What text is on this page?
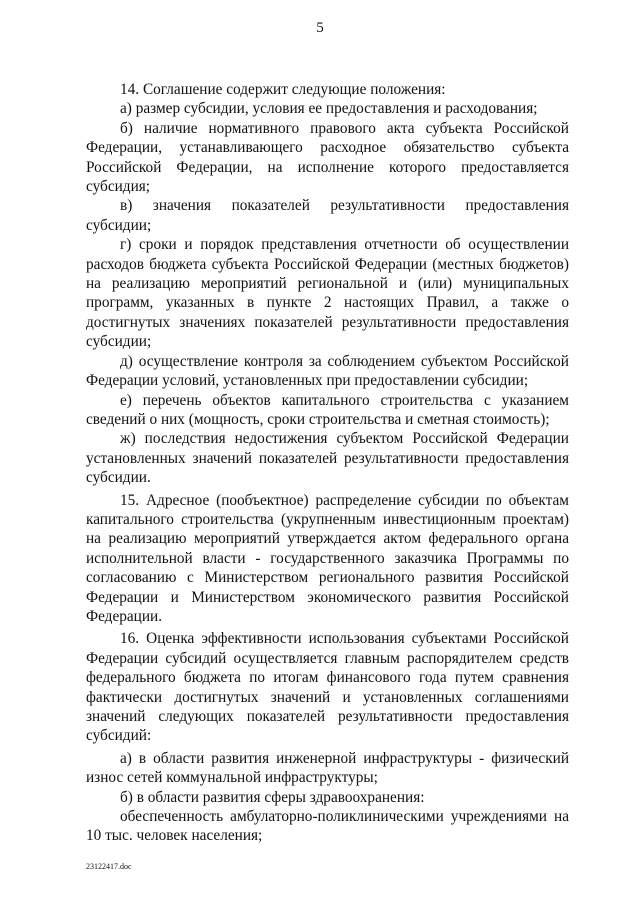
5

14. Соглашение содержит следующие положения:

а) размер субсидии, условия ее предоставления и расходования;

б) наличие нормативного правового акта субъекта Российской Федерации, устанавливающего расходное обязательство субъекта Российской Федерации, на исполнение которого предоставляется субсидия;

в) значения показателей результативности предоставления субсидии;

г) сроки и порядок представления отчетности об осуществлении расходов бюджета субъекта Российской Федерации (местных бюджетов) на реализацию мероприятий региональной и (или) муниципальных программ, указанных в пункте 2 настоящих Правил, а также о достигнутых значениях показателей результативности предоставления субсидии;

д) осуществление контроля за соблюдением субъектом Российской Федерации условий, установленных при предоставлении субсидии;

е) перечень объектов капитального строительства с указанием сведений о них (мощность, сроки строительства и сметная стоимость);

ж) последствия недостижения субъектом Российской Федерации установленных значений показателей результативности предоставления субсидии.

15. Адресное (пообъектное) распределение субсидии по объектам капитального строительства (укрупненным инвестиционным проектам) на реализацию мероприятий утверждается актом федерального органа исполнительной власти - государственного заказчика Программы по согласованию с Министерством регионального развития Российской Федерации и Министерством экономического развития Российской Федерации.

16. Оценка эффективности использования субъектами Российской Федерации субсидий осуществляется главным распорядителем средств федерального бюджета по итогам финансового года путем сравнения фактически достигнутых значений и установленных соглашениями значений следующих показателей результативности предоставления субсидий:

а) в области развития инженерной инфраструктуры - физический износ сетей коммунальной инфраструктуры;

б) в области развития сферы здравоохранения:

обеспеченность амбулаторно-поликлиническими учреждениями на 10 тыс. человек населения;

23122417.doc
